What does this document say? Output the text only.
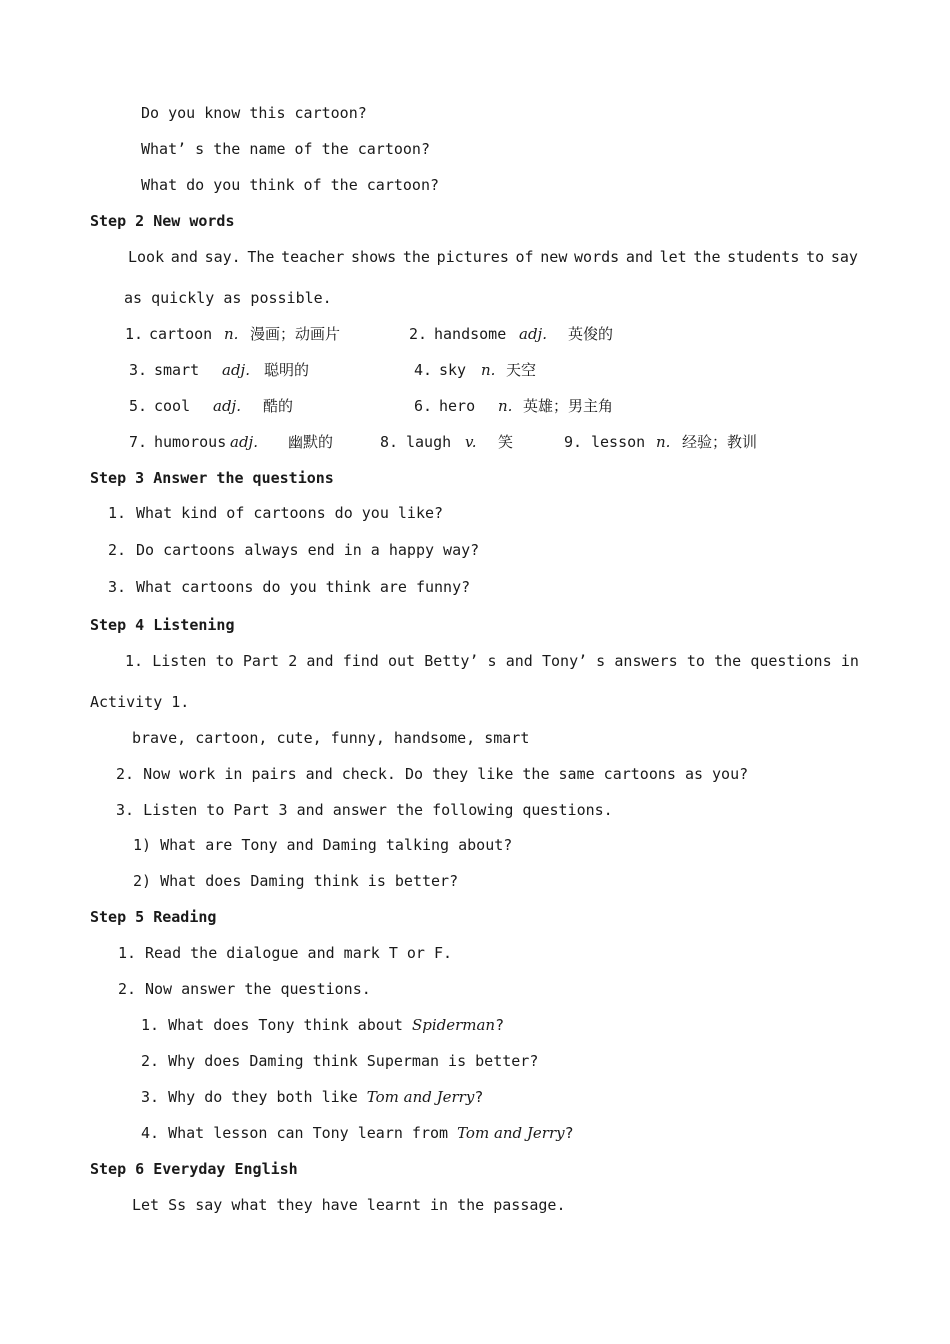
Do you know this cartoon?
What’ s the name of the cartoon?
What do you think of the cartoon?
Step 2 New words
Look and say. The teacher shows the pictures of new words and let the students to say
as quickly as possible.
1. cartoon n. 漫画；动画片	2. handsome adj. 英俊的
3. smart adj. 聪明的	4. sky n. 天空
5. cool adj. 酷的	6. hero n. 英雄；男主角
7. humorous adj. 幽默的	8. laugh v. 笑	9. lesson n. 经验；教训
Step 3 Answer the questions
1. What kind of cartoons do you like?
2. Do cartoons always end in a happy way?
3. What cartoons do you think are funny?
Step 4 Listening
1. Listen to Part 2 and find out Betty’ s and Tony’ s answers to the questions in
Activity 1.
brave, cartoon, cute, funny, handsome, smart
2. Now work in pairs and check. Do they like the same cartoons as you?
3. Listen to Part 3 and answer the following questions.
1) What are Tony and Daming talking about?
2) What does Daming think is better?
Step 5 Reading
1. Read the dialogue and mark T or F.
2. Now answer the questions.
1. What does Tony think about Spiderman?
2. Why does Daming think Superman is better?
3. Why do they both like Tom and Jerry?
4. What lesson can Tony learn from Tom and Jerry?
Step 6 Everyday English
Let Ss say what they have learnt in the passage.
